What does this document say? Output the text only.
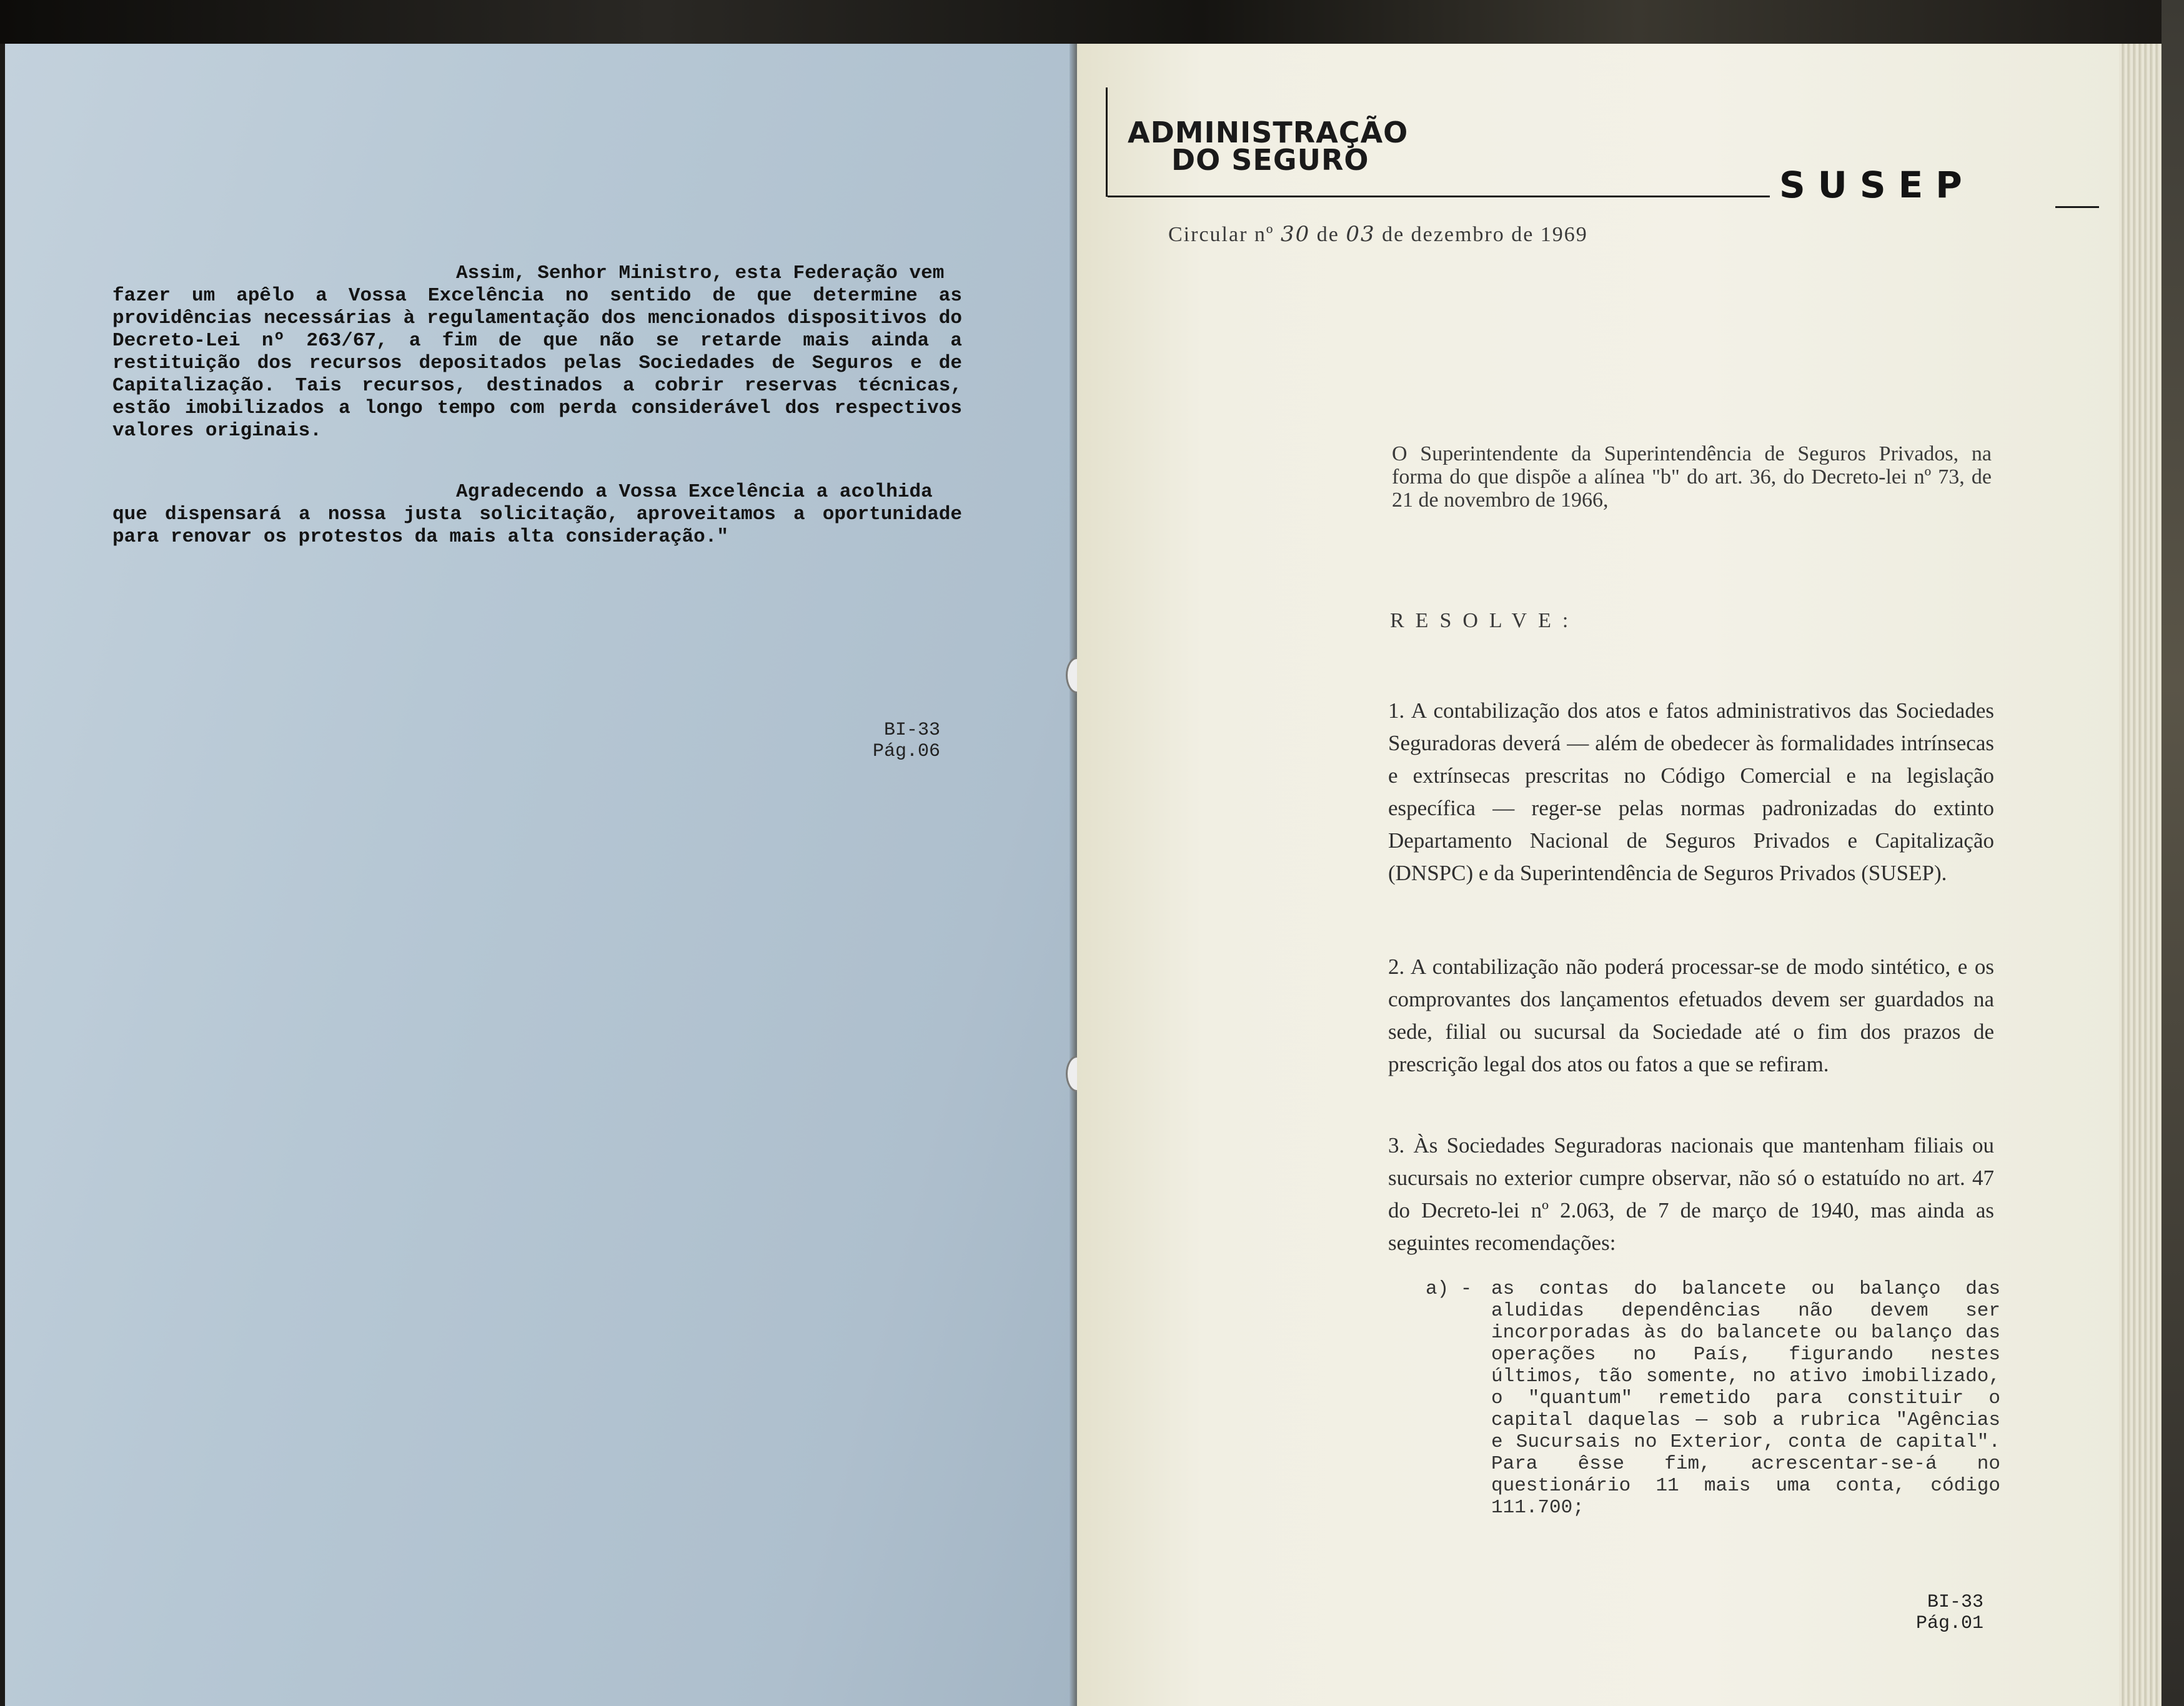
Assim, Senhor Ministro, esta Federação vem

fazer um apêlo a Vossa Excelência no sentido de que determine as providências necessárias à regulamentação dos mencionados dispositivos do Decreto-Lei nº 263/67, a fim de que não se retarde mais ainda a restituição dos recursos depositados pelas Sociedades de Seguros e de Capitalização. Tais recursos, destinados a cobrir reservas técnicas, estão imobilizados a longo tempo com perda considerável dos respectivos valores originais.

Agradecendo a Vossa Excelência a acolhida

que dispensará a nossa justa solicitação, aproveitamos a oportunidade para renovar os protestos da mais alta consideração."

BI-33
Pág.06
ADMINISTRAÇÃO
DO SEGURO
SUSEP
Circular nº 30 de 03 de dezembro de 1969
O Superintendente da Superintendência de Seguros Privados, na forma do que dispõe a alínea "b" do art. 36, do Decreto-lei nº 73, de 21 de novembro de 1966,
RESOLVE:

1. A contabilização dos atos e fatos administrativos das Sociedades Seguradoras deverá — além de obedecer às formalidades intrínsecas e extrínsecas prescritas no Código Comercial e na legislação específica — reger-se pelas normas padronizadas do extinto Departamento Nacional de Seguros Privados e Capitalização (DNSPC) e da Superintendência de Seguros Privados (SUSEP).

2. A contabilização não poderá processar-se de modo sintético, e os comprovantes dos lançamentos efetuados devem ser guardados na sede, filial ou sucursal da Sociedade até o fim dos prazos de prescrição legal dos atos ou fatos a que se refiram.

3. Às Sociedades Seguradoras nacionais que mantenham filiais ou sucursais no exterior cumpre observar, não só o estatuído no art. 47 do Decreto-lei nº 2.063, de 7 de março de 1940, mas ainda as seguintes recomendações:

a) - as contas do balancete ou balanço das aludidas dependências não devem ser incorporadas às do balancete ou balanço das operações no País, figurando nestes últimos, tão somente, no ativo imobilizado, o "quantum" remetido para constituir o capital daquelas — sob a rubrica "Agências e Sucursais no Exterior, conta de capital". Para êsse fim, acrescentar-se-á no questionário 11 mais uma conta, código 111.700;
BI-33
Pág.01
